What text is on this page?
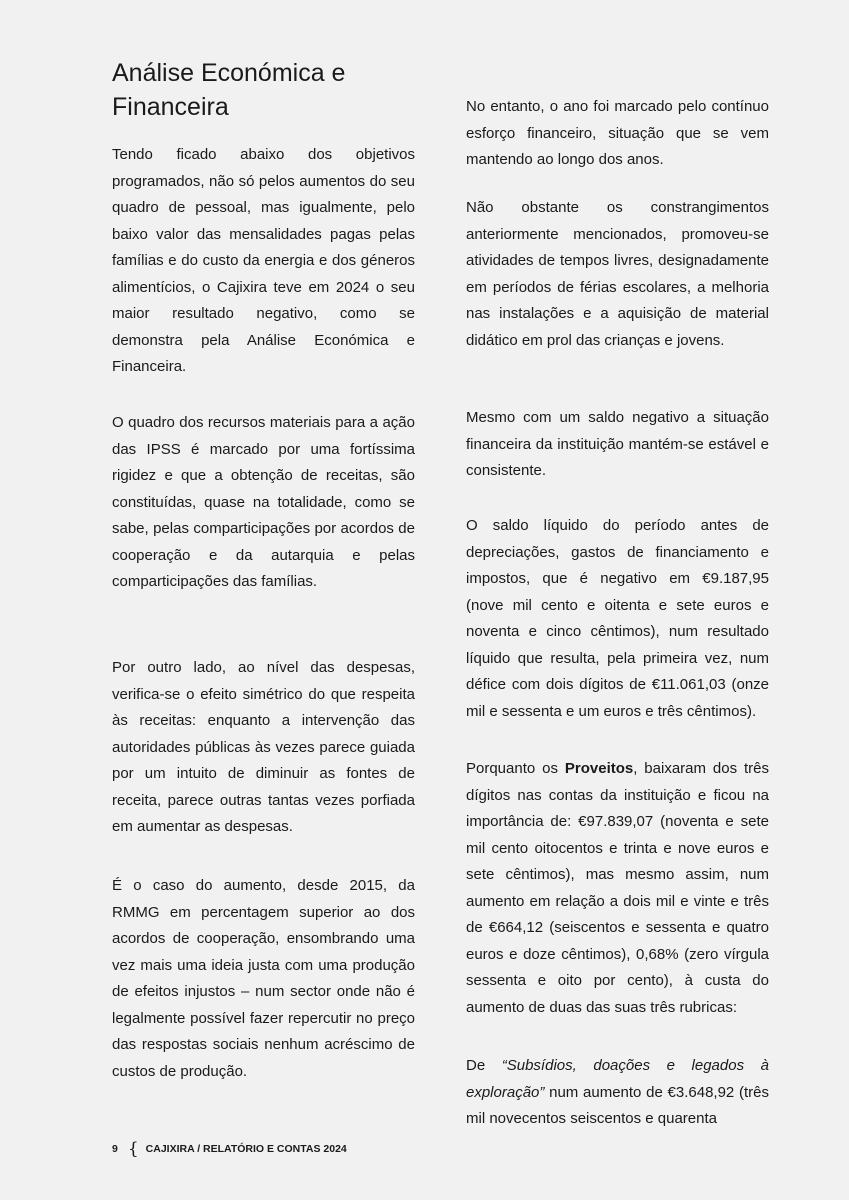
Análise Económica e Financeira

Tendo ficado abaixo dos objetivos programados, não só pelos aumentos do seu quadro de pessoal, mas igualmente, pelo baixo valor das mensalidades pagas pelas famílias e do custo da energia e dos géneros alimentícios, o Cajixira teve em 2024 o seu maior resultado negativo, como se demonstra pela Análise Económica e Financeira.

O quadro dos recursos materiais para a ação das IPSS é marcado por uma fortíssima rigidez e que a obtenção de receitas, são constituídas, quase na totalidade, como se sabe, pelas comparticipações por acordos de cooperação e da autarquia e pelas comparticipações das famílias.

Por outro lado, ao nível das despesas, verifica-se o efeito simétrico do que respeita às receitas: enquanto a intervenção das autoridades públicas às vezes parece guiada por um intuito de diminuir as fontes de receita, parece outras tantas vezes porfiada em aumentar as despesas.

É o caso do aumento, desde 2015, da RMMG em percentagem superior ao dos acordos de cooperação, ensombrando uma vez mais uma ideia justa com uma produção de efeitos injustos – num sector onde não é legalmente possível fazer repercutir no preço das respostas sociais nenhum acréscimo de custos de produção.

No entanto, o ano foi marcado pelo contínuo esforço financeiro, situação que se vem mantendo ao longo dos anos.

Não obstante os constrangimentos anteriormente mencionados, promoveu-se atividades de tempos livres, designadamente em períodos de férias escolares, a melhoria nas instalações e a aquisição de material didático em prol das crianças e jovens.

Mesmo com um saldo negativo a situação financeira da instituição mantém-se estável e consistente.

O saldo líquido do período antes de depreciações, gastos de financiamento e impostos, que é negativo em €9.187,95 (nove mil cento e oitenta e sete euros e noventa e cinco cêntimos), num resultado líquido que resulta, pela primeira vez, num défice com dois dígitos de €11.061,03 (onze mil e sessenta e um euros e três cêntimos).

Porquanto os Proveitos, baixaram dos três dígitos nas contas da instituição e ficou na importância de: €97.839,07 (noventa e sete mil cento oitocentos e trinta e nove euros e sete cêntimos), mas mesmo assim, num aumento em relação a dois mil e vinte e três de €664,12 (seiscentos e sessenta e quatro euros e doze cêntimos), 0,68% (zero vírgula sessenta e oito por cento), à custa do aumento de duas das suas três rubricas:

De “Subsídios, doações e legados à exploração” num aumento de €3.648,92 (três mil novecentos seiscentos e quarenta

9 { CAJIXIRA / RELATÓRIO E CONTAS 2024
